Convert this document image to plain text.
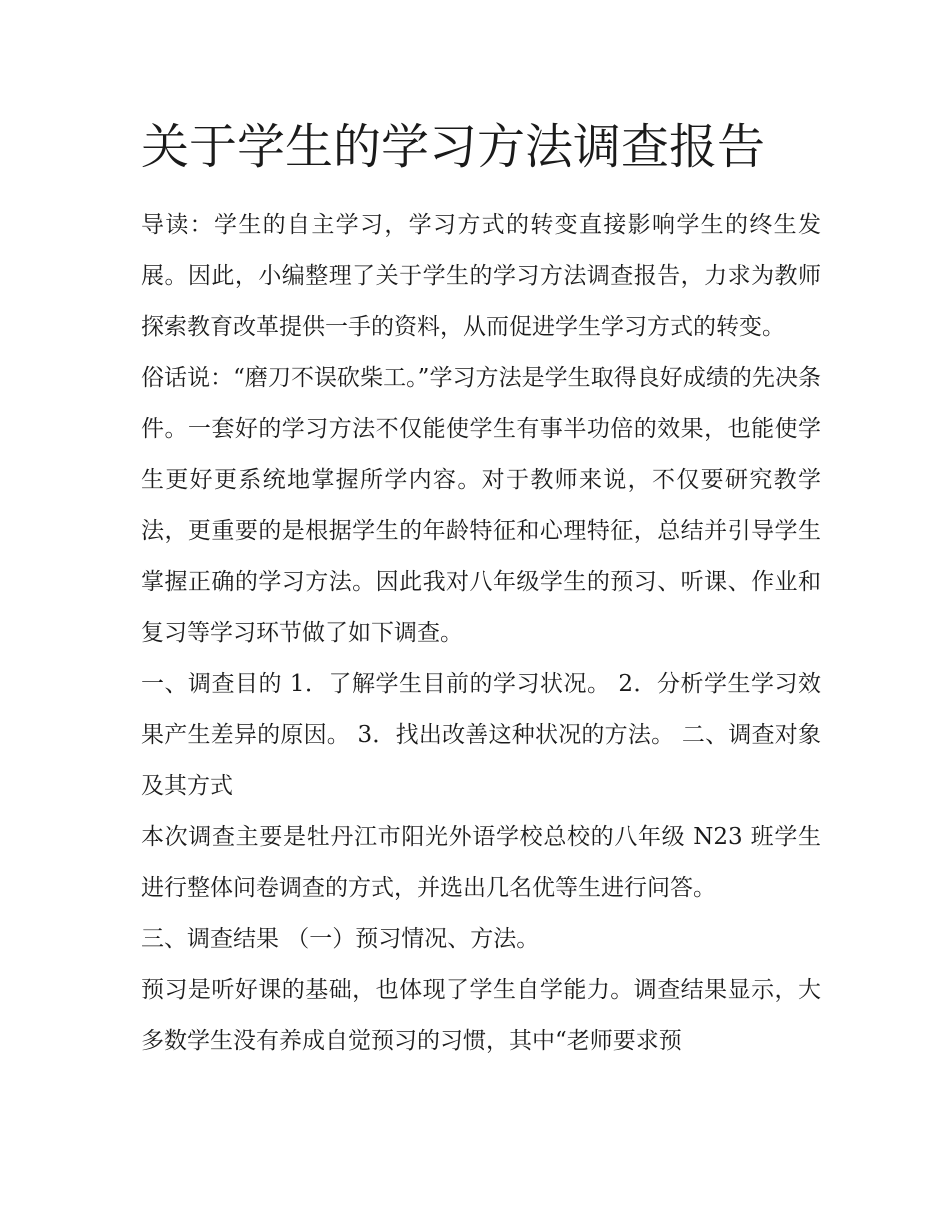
关于学生的学习方法调查报告

导读：学生的自主学习，学习方式的转变直接影响学生的终生发展。因此，小编整理了关于学生的学习方法调查报告，力求为教师探索教育改革提供一手的资料，从而促进学生学习方式的转变。

俗话说：“磨刀不误砍柴工。”学习方法是学生取得良好成绩的先决条件。一套好的学习方法不仅能使学生有事半功倍的效果，也能使学生更好更系统地掌握所学内容。对于教师来说，不仅要研究教学法，更重要的是根据学生的年龄特征和心理特征，总结并引导学生掌握正确的学习方法。因此我对八年级学生的预习、听课、作业和复习等学习环节做了如下调查。

一、调查目的 1．了解学生目前的学习状况。 2．分析学生学习效果产生差异的原因。 3．找出改善这种状况的方法。 二、调查对象及其方式

本次调查主要是牡丹江市阳光外语学校总校的八年级 N23 班学生进行整体问卷调查的方式，并选出几名优等生进行问答。

三、调查结果 （一）预习情况、方法。

预习是听好课的基础，也体现了学生自学能力。调查结果显示，大多数学生没有养成自觉预习的习惯，其中“老师要求预
